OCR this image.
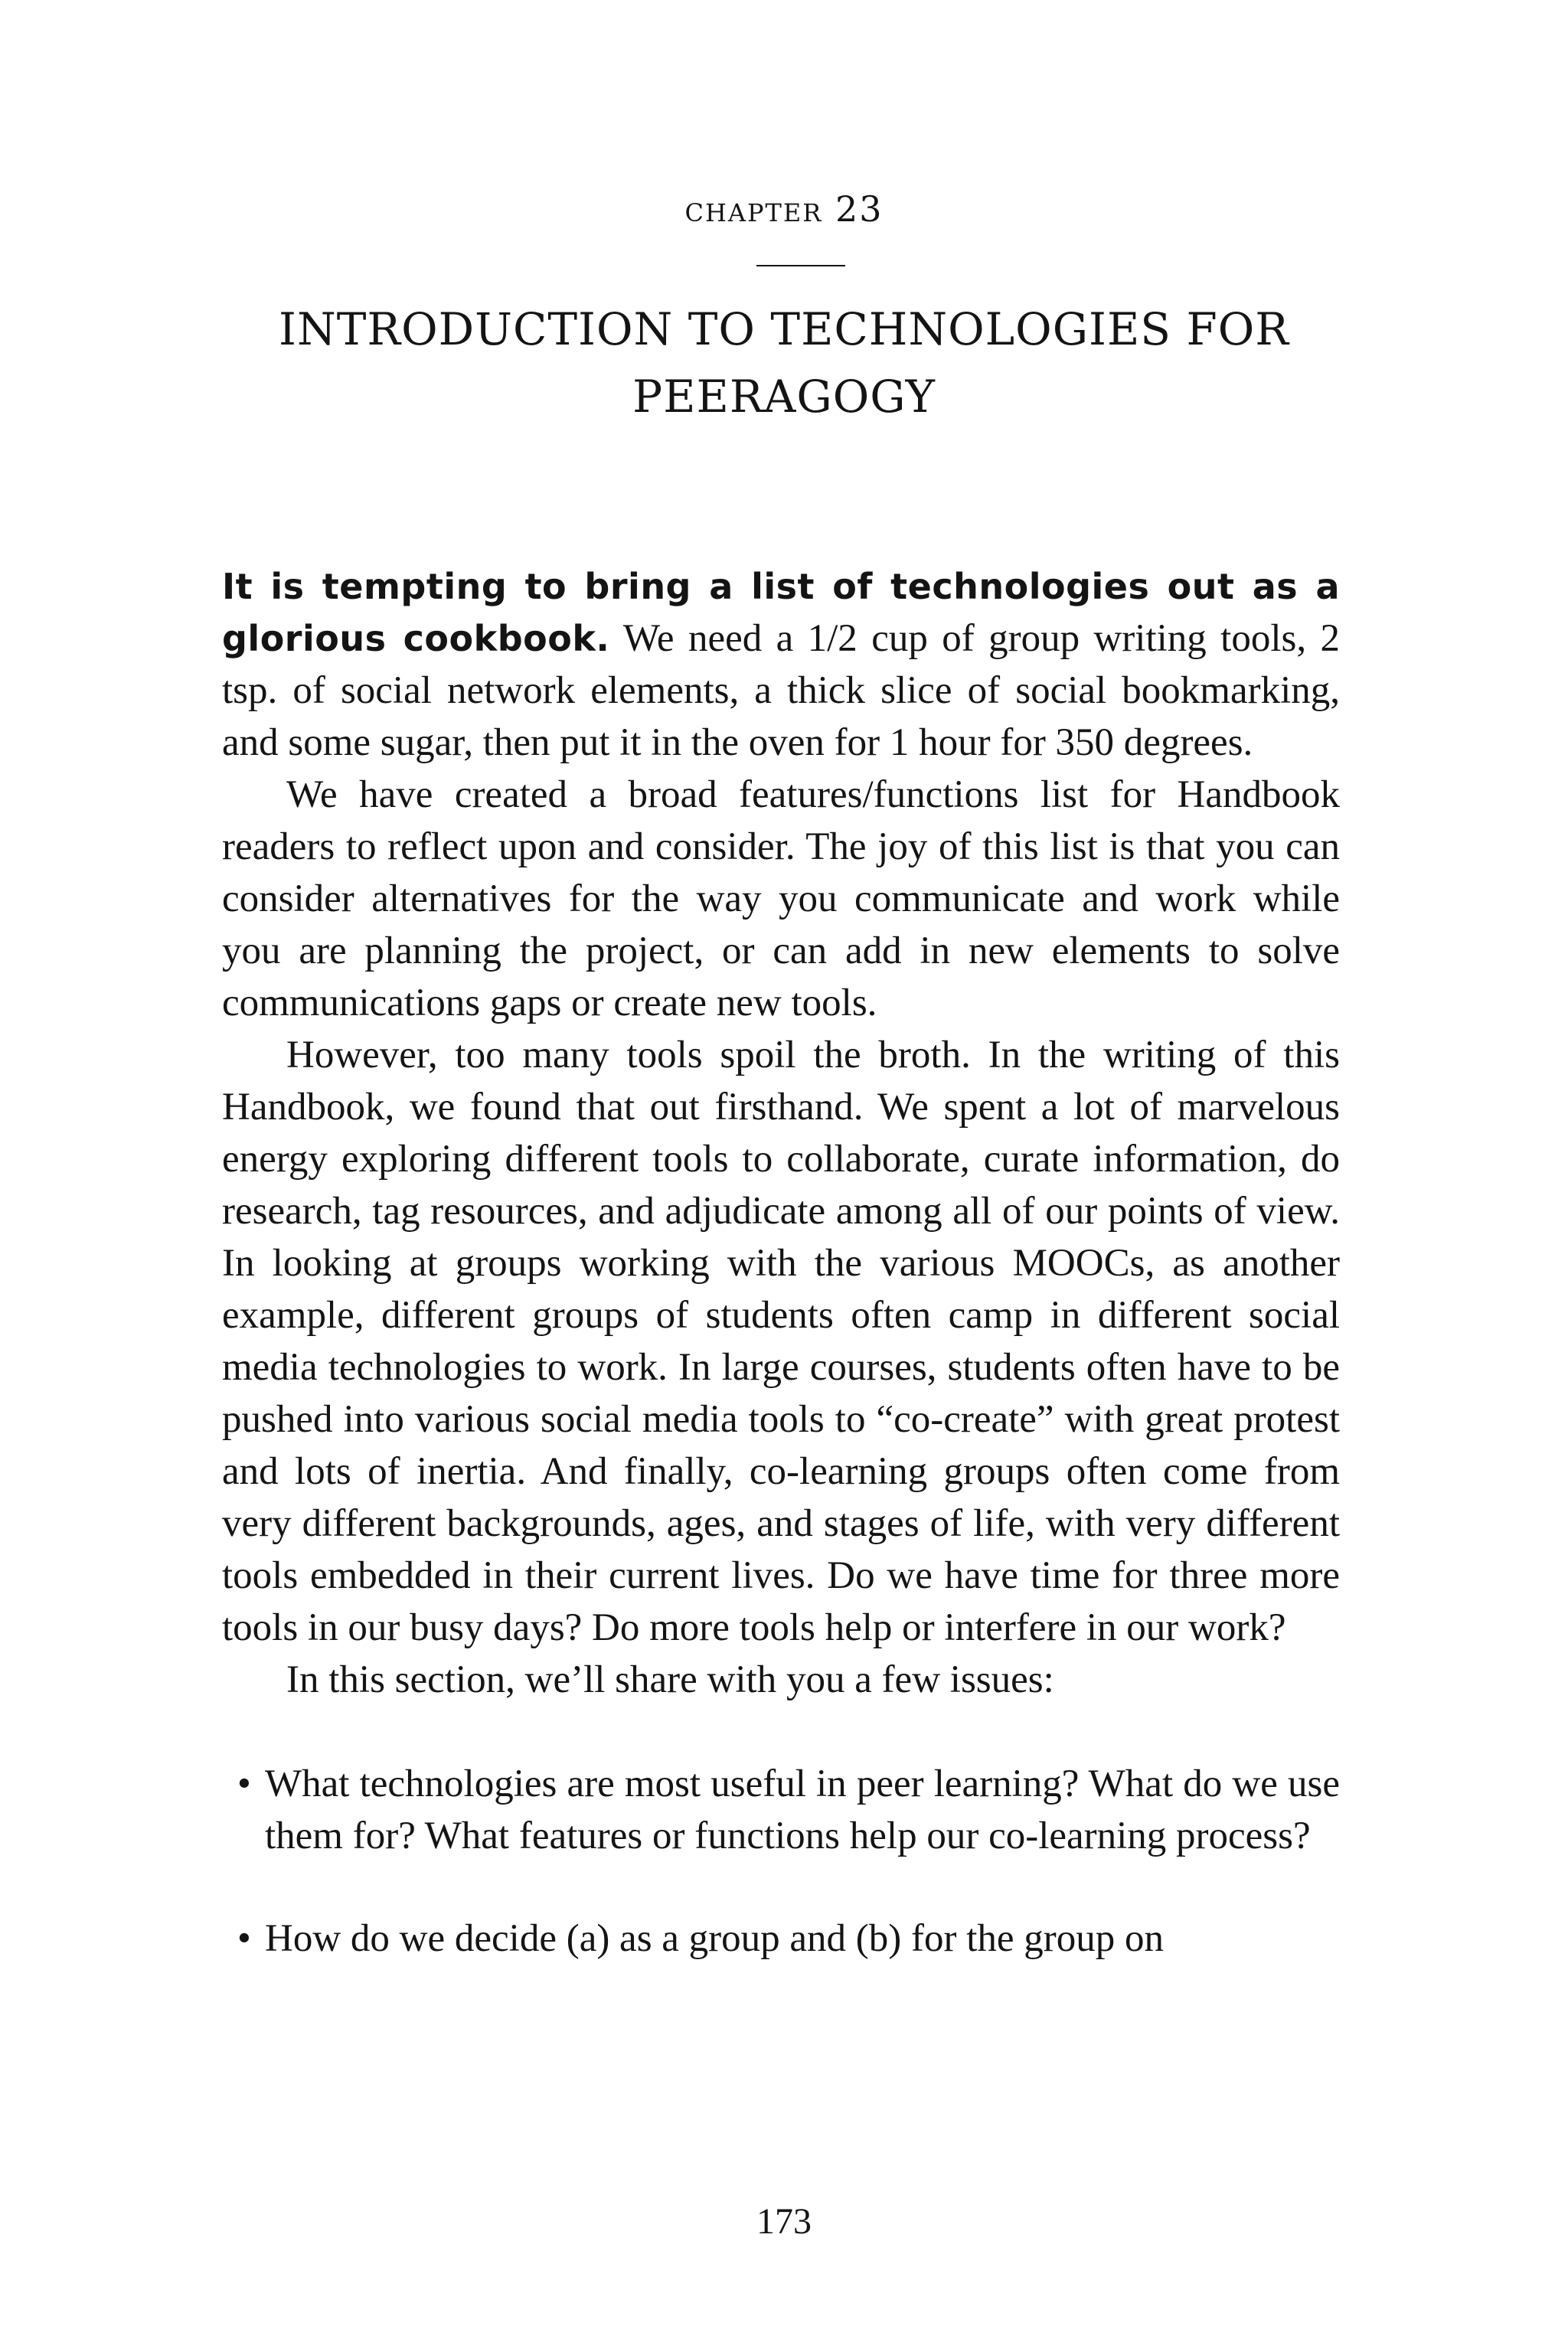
chapter 23
INTRODUCTION TO TECHNOLOGIES FOR
PEERAGOGY

It is tempting to bring a list of technologies out as a glorious cookbook. We need a 1/2 cup of group writing tools, 2 tsp. of social network elements, a thick slice of social bookmarking, and some sugar, then put it in the oven for 1 hour for 350 degrees.

We have created a broad features/functions list for Handbook readers to reflect upon and consider. The joy of this list is that you can consider alternatives for the way you communicate and work while you are planning the project, or can add in new elements to solve communications gaps or create new tools.

However, too many tools spoil the broth. In the writing of this Handbook, we found that out firsthand. We spent a lot of marvelous energy exploring different tools to collaborate, curate information, do research, tag resources, and adjudicate among all of our points of view. In looking at groups working with the various MOOCs, as another example, different groups of students often camp in different social media technologies to work. In large courses, students often have to be pushed into various social media tools to “co-create” with great protest and lots of inertia. And finally, co-learning groups often come from very different backgrounds, ages, and stages of life, with very different tools embedded in their current lives. Do we have time for three more tools in our busy days? Do more tools help or interfere in our work?

In this section, we’ll share with you a few issues:

• What technologies are most useful in peer learning? What do we use them for? What features or functions help our co-learning process?
• How do we decide (a) as a group and (b) for the group on
173
